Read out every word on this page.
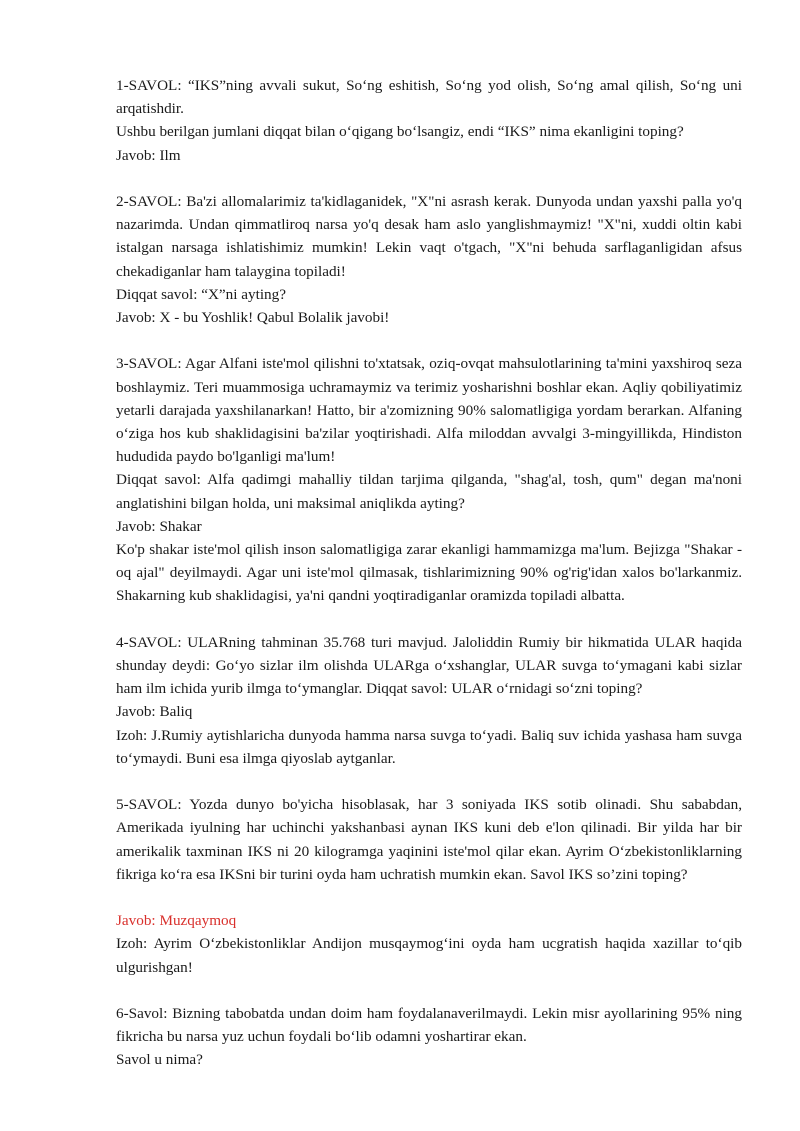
1-SAVOL: “IKS”ning avvali sukut, So‘ng eshitish, So‘ng yod olish, So‘ng amal qilish, So‘ng uni arqatishdir.

Ushbu berilgan jumlani diqqat bilan o‘qigang bo‘lsangiz, endi “IKS” nima ekanligini toping?

Javob: Ilm

2-SAVOL: Ba'zi allomalarimiz ta'kidlaganidek, "X"ni asrash kerak. Dunyoda undan yaxshi palla yo'q nazarimda. Undan qimmatliroq narsa yo'q desak ham aslo yanglishmaymiz! "X"ni, xuddi oltin kabi istalgan narsaga ishlatishimiz mumkin! Lekin vaqt o'tgach, "X"ni behuda sarflaganligidan afsus chekadiganlar ham talaygina topiladi!

Diqqat savol: “X”ni ayting?

Javob: X - bu Yoshlik! Qabul Bolalik javobi!

3-SAVOL: Agar Alfani iste'mol qilishni to'xtatsak, oziq-ovqat mahsulotlarining ta'mini yaxshiroq seza boshlaymiz. Teri muammosiga uchramaymiz va terimiz yosharishni boshlar ekan. Aqliy qobiliyatimiz yetarli darajada yaxshilanarkan! Hatto, bir a'zomizning 90% salomatligiga yordam berarkan. Alfaning o‘ziga hos kub shaklidagisini ba'zilar yoqtirishadi. Alfa miloddan avvalgi 3-mingyillikda, Hindiston hududida paydo bo'lganligi ma'lum!

Diqqat savol: Alfa qadimgi mahalliy tildan tarjima qilganda, "shag'al, tosh, qum" degan ma'noni anglatishini bilgan holda, uni maksimal aniqlikda ayting?

Javob: Shakar

Ko'p shakar iste'mol qilish inson salomatligiga zarar ekanligi hammamizga ma'lum. Bejizga "Shakar - oq ajal" deyilmaydi. Agar uni iste'mol qilmasak, tishlarimizning 90% og'rig'idan xalos bo'larkanmiz. Shakarning kub shaklidagisi, ya'ni qandni yoqtiradiganlar oramizda topiladi albatta.

4-SAVOL: ULARning tahminan 35.768 turi mavjud. Jaloliddin Rumiy bir hikmatida ULAR haqida shunday deydi: Go‘yo sizlar ilm olishda ULARga o‘xshanglar, ULAR suvga to‘ymagani kabi sizlar ham ilm ichida yurib ilmga to‘ymanglar. Diqqat savol: ULAR o‘rnidagi so‘zni toping?

Javob: Baliq

Izoh: J.Rumiy aytishlaricha dunyoda hamma narsa suvga to‘yadi. Baliq suv ichida yashasa ham suvga to‘ymaydi. Buni esa ilmga qiyoslab aytganlar.

5-SAVOL: Yozda dunyo bo'yicha hisoblasak, har 3 soniyada IKS sotib olinadi. Shu sababdan, Amerikada iyulning har uchinchi yakshanbasi aynan IKS kuni deb e'lon qilinadi. Bir yilda har bir amerikalik taxminan IKS ni 20 kilogramga yaqinini iste'mol qilar ekan. Ayrim O‘zbekistonliklarning fikriga ko‘ra esa IKSni bir turini oyda ham uchratish mumkin ekan. Savol IKS so’zini toping?

Javob: Muzqaymoq

Izoh: Ayrim O‘zbekistonliklar Andijon musqaymog‘ini oyda ham ucgratish haqida xazillar to‘qib ulgurishgan!

6-Savol: Bizning tabobatda undan doim ham foydalanaverilmaydi. Lekin misr ayollarining 95% ning fikricha bu narsa yuz uchun foydali bo‘lib odamni yoshartirar ekan.

Savol u nima?
